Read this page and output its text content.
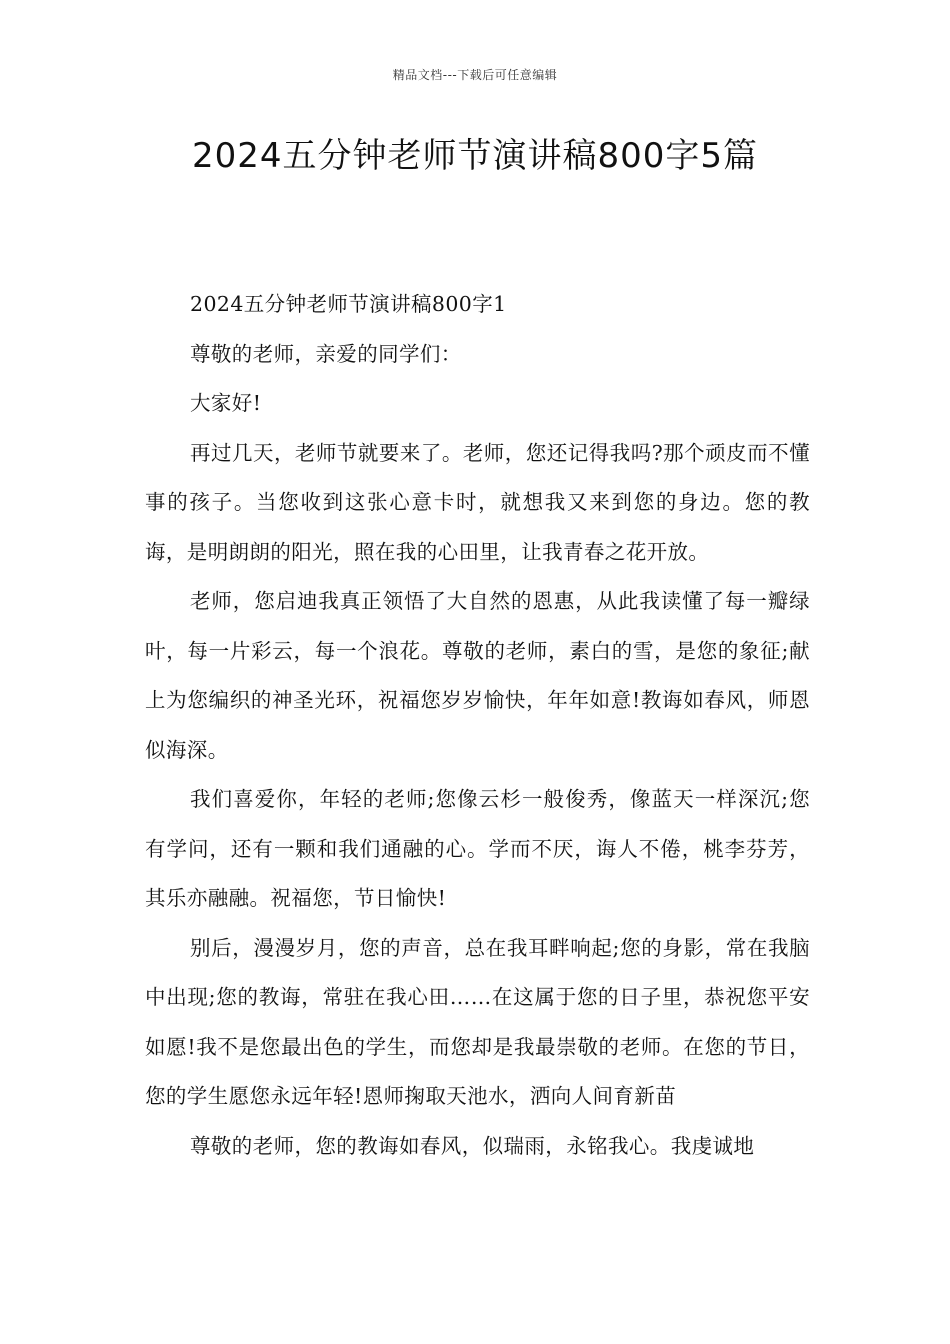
精品文档---下载后可任意编辑
2024五分钟老师节演讲稿800字5篇

2024五分钟老师节演讲稿800字1

尊敬的老师，亲爱的同学们：

大家好!

再过几天，老师节就要来了。老师，您还记得我吗?那个顽皮而不懂事的孩子。当您收到这张心意卡时，就想我又来到您的身边。您的教诲，是明朗朗的阳光，照在我的心田里，让我青春之花开放。

老师，您启迪我真正领悟了大自然的恩惠，从此我读懂了每一瓣绿叶，每一片彩云，每一个浪花。尊敬的老师，素白的雪，是您的象征;献上为您编织的神圣光环，祝福您岁岁愉快，年年如意!教诲如春风，师恩似海深。

我们喜爱你，年轻的老师;您像云杉一般俊秀，像蓝天一样深沉;您有学问，还有一颗和我们通融的心。学而不厌，诲人不倦，桃李芬芳，其乐亦融融。祝福您，节日愉快!

别后，漫漫岁月，您的声音，总在我耳畔响起;您的身影，常在我脑中出现;您的教诲，常驻在我心田……在这属于您的日子里，恭祝您平安如愿!我不是您最出色的学生，而您却是我最崇敬的老师。在您的节日，您的学生愿您永远年轻!恩师掬取天池水，洒向人间育新苗

尊敬的老师，您的教诲如春风，似瑞雨，永铭我心。我虔诚地
